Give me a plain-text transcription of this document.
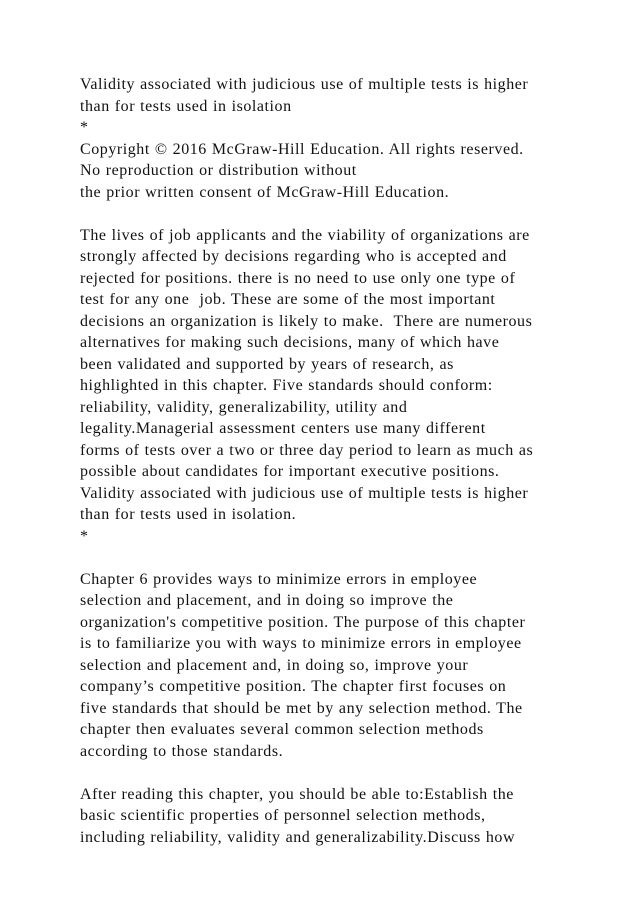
Validity associated with judicious use of multiple tests is higher
than for tests used in isolation
*
Copyright © 2016 McGraw-Hill Education. All rights reserved.
No reproduction or distribution without
the prior written consent of McGraw-Hill Education.
The lives of job applicants and the viability of organizations are
strongly affected by decisions regarding who is accepted and
rejected for positions. there is no need to use only one type of
test for any one  job. These are some of the most important
decisions an organization is likely to make.  There are numerous
alternatives for making such decisions, many of which have
been validated and supported by years of research, as
highlighted in this chapter. Five standards should conform:
reliability, validity, generalizability, utility and
legality.Managerial assessment centers use many different
forms of tests over a two or three day period to learn as much as
possible about candidates for important executive positions.
Validity associated with judicious use of multiple tests is higher
than for tests used in isolation.
*
Chapter 6 provides ways to minimize errors in employee
selection and placement, and in doing so improve the
organization's competitive position. The purpose of this chapter
is to familiarize you with ways to minimize errors in employee
selection and placement and, in doing so, improve your
company’s competitive position. The chapter first focuses on
five standards that should be met by any selection method. The
chapter then evaluates several common selection methods
according to those standards.
After reading this chapter, you should be able to:Establish the
basic scientific properties of personnel selection methods,
including reliability, validity and generalizability.Discuss how
